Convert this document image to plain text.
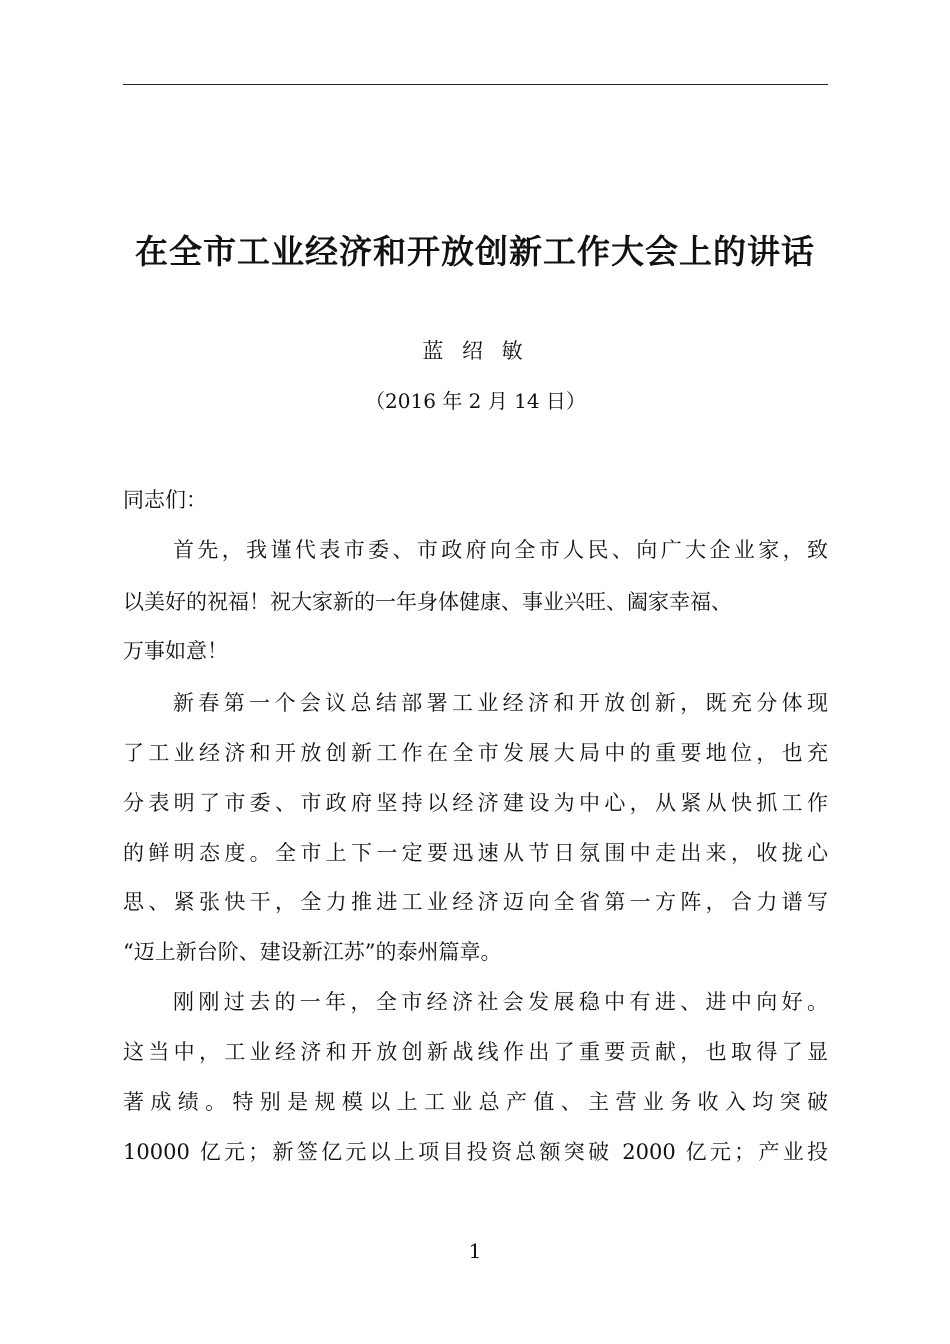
在全市工业经济和开放创新工作大会上的讲话
蓝 绍 敏
（2016 年 2 月 14 日）
同志们：
首先，我谨代表市委、市政府向全市人民、向广大企业家，致
以美好的祝福！祝大家新的一年身体健康、事业兴旺、阖家幸福、
万事如意！
新春第一个会议总结部署工业经济和开放创新，既充分体现
了工业经济和开放创新工作在全市发展大局中的重要地位，也充
分表明了市委、市政府坚持以经济建设为中心，从紧从快抓工作
的鲜明态度。全市上下一定要迅速从节日氛围中走出来，收拢心
思、紧张快干，全力推进工业经济迈向全省第一方阵，合力谱写
“迈上新台阶、建设新江苏”的泰州篇章。
刚刚过去的一年，全市经济社会发展稳中有进、进中向好。
这当中，工业经济和开放创新战线作出了重要贡献，也取得了显
著成绩。特别是规模以上工业总产值、主营业务收入均突破
10000 亿元；新签亿元以上项目投资总额突破 2000 亿元；产业投
1
